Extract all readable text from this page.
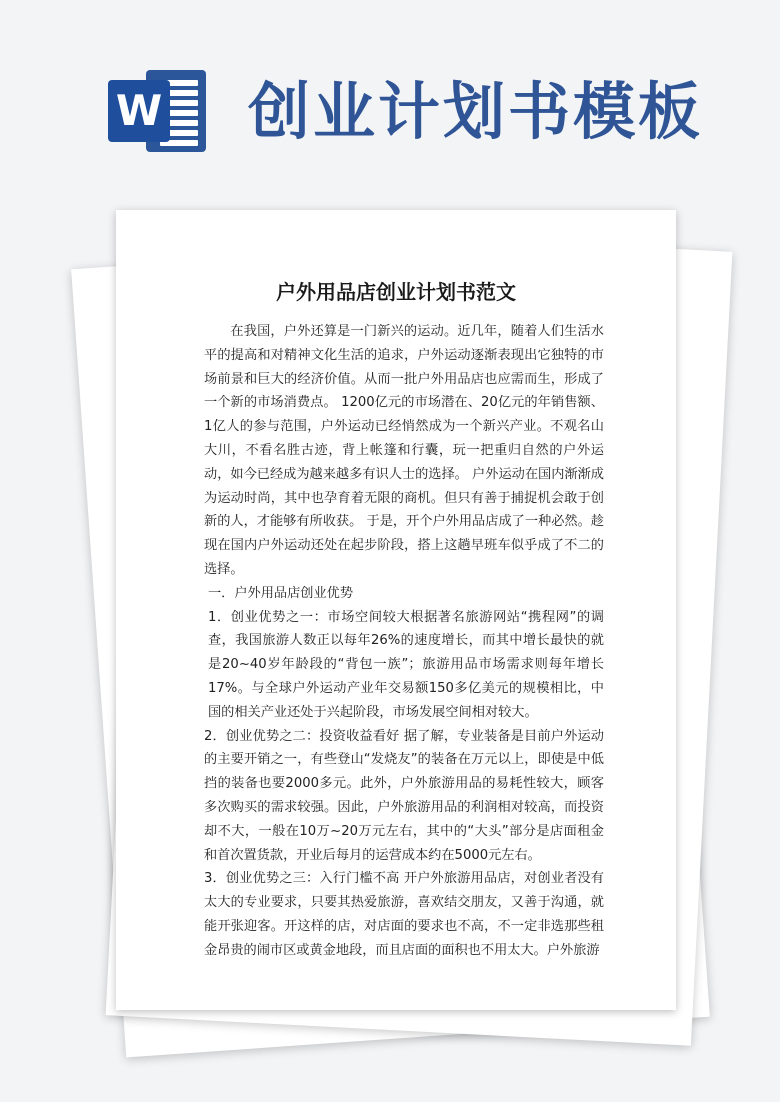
W 创业计划书模板
户外用品店创业计划书范文

在我国，户外还算是一门新兴的运动。近几年，随着人们生活水平的提高和对精神文化生活的追求，户外运动逐渐表现出它独特的市场前景和巨大的经济价值。从而一批户外用品店也应需而生，形成了一个新的市场消费点。 1200亿元的市场潜在、20亿元的年销售额、1亿人的参与范围，户外运动已经悄然成为一个新兴产业。不观名山大川，不看名胜古迹，背上帐篷和行囊，玩一把重归自然的户外运动，如今已经成为越来越多有识人士的选择。 户外运动在国内渐渐成为运动时尚，其中也孕育着无限的商机。但只有善于捕捉机会敢于创新的人，才能够有所收获。 于是，开个户外用品店成了一种必然。趁现在国内户外运动还处在起步阶段，搭上这趟早班车似乎成了不二的选择。

一．户外用品店创业优势

1．创业优势之一：市场空间较大根据著名旅游网站“携程网”的调查，我国旅游人数正以每年26%的速度增长，而其中增长最快的就是20~40岁年龄段的“背包一族”；旅游用品市场需求则每年增长17%。与全球户外运动产业年交易额150多亿美元的规模相比，中国的相关产业还处于兴起阶段，市场发展空间相对较大。

2．创业优势之二：投资收益看好 据了解，专业装备是目前户外运动的主要开销之一，有些登山“发烧友”的装备在万元以上，即使是中低挡的装备也要2000多元。此外，户外旅游用品的易耗性较大，顾客多次购买的需求较强。因此，户外旅游用品的利润相对较高，而投资却不大，一般在10万~20万元左右，其中的“大头”部分是店面租金和首次置货款，开业后每月的运营成本约在5000元左右。

3．创业优势之三：入行门槛不高 开户外旅游用品店，对创业者没有太大的专业要求，只要其热爱旅游，喜欢结交朋友，又善于沟通，就能开张迎客。开这样的店，对店面的要求也不高，不一定非选那些租金昂贵的闹市区或黄金地段，而且店面的面积也不用太大。户外旅游
